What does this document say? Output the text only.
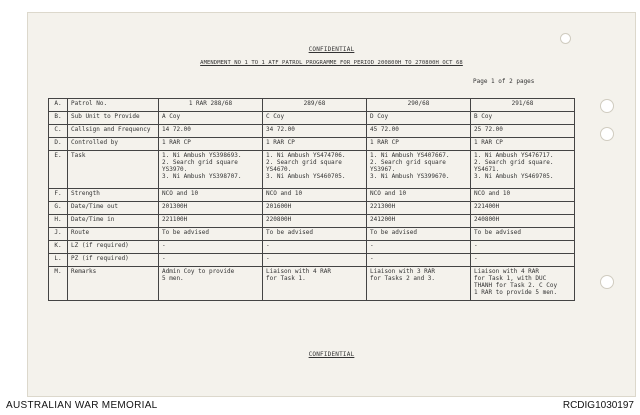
CONFIDENTIAL
AMENDMENT NO 1 TO 1 ATF PATROL PROGRAMME FOR PERIOD 200800H TO 270800H OCT 68
Page 1 of 2 pages
A.	Patrol No.	1 RAR 288/68	289/68	290/68	291/68
B.	Sub Unit to Provide	A Coy	C Coy	D Coy	B Coy
C.	Callsign and Frequency	14 72.00	34 72.00	45 72.00	25 72.00
D.	Controlled by	1 RAR CP	1 RAR CP	1 RAR CP	1 RAR CP
E.	Task	1. Ni Ambush YS398693.
2. Search grid square YS3970.
3. Ni Ambush YS398707.	1. Ni Ambush YS474706.
2. Search grid square YS4670.
3. Ni Ambush YS460705.	1. Ni Ambush YS407667.
2. Search grid square YS3967.
3. Ni Ambush YS399670.	1. Ni Ambush YS476717.
2. Search grid square. YS4671.
3. Ni Ambush YS469705.
F.	Strength	NCO and 10	NCO and 10	NCO and 10	NCO and 10
G.	Date/Time out	201300H	201600H	221300H	221400H
H.	Date/Time in	221100H	220800H	241200H	240800H
J.	Route	To be advised	To be advised	To be advised	To be advised
K.	LZ (if required)	-	-	-	-
L.	PZ (if required)	-	-	-	-
M.	Remarks	Admin Coy to provide
5 men.	Liaison with 4 RAR
for Task 1.	Liaison with 3 RAR
for Tasks 2 and 3.	Liaison with 4 RAR
for Task 1, with DUC
THANH for Task 2. C Coy
1 RAR to provide 5 men.
CONFIDENTIAL
AUSTRALIAN WAR MEMORIAL	RCDIG1030197
